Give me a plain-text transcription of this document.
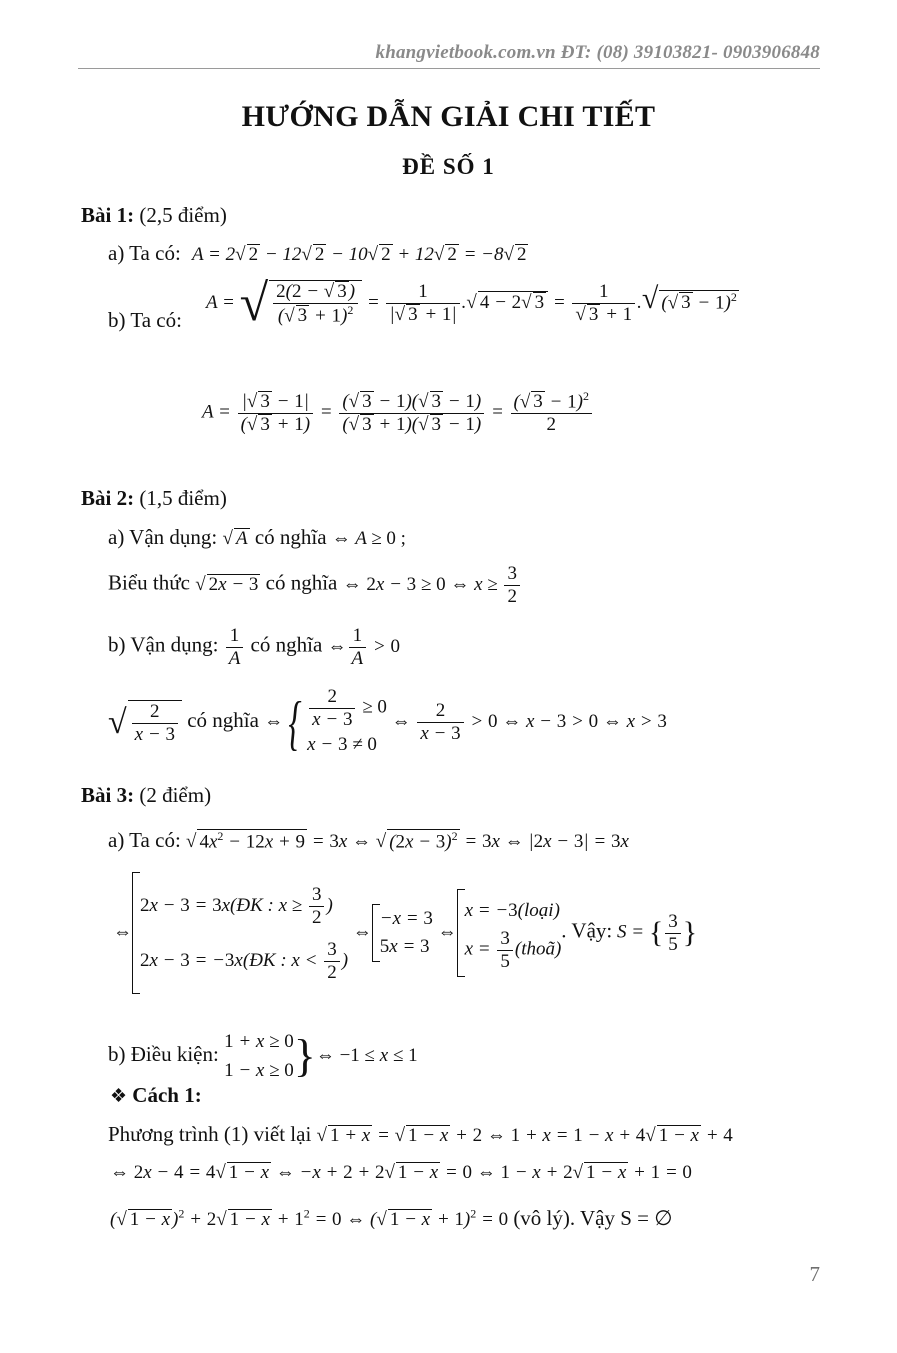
khangvietbook.com.vn ĐT: (08) 39103821- 0903906848
HƯỚNG DẪN GIẢI CHI TIẾT
ĐỀ SỐ 1
Bài 1: (2,5 điểm)
a) Ta có: A = 2√ 2 − 12√ 2 − 10√ 2 + 12√ 2 = −8√ 2
b) Ta có:
A = √ $\frac{2(2 - √ 3 )}{(√ 3 + 1)^2} = \frac{1}{|√ 3 + 1|}$ .√ 4 − 2√ $3 = \frac{1}{√ 3 + 1}$ .√ (√ 3 − 1)$^2$
$A = \frac{|√ 3 - 1|}{(√ 3 + 1)} = \frac{(√ 3 - 1)(√ 3 - 1)}{(√ 3 + 1)(√ 3 - 1)} = \frac{(√ 3 - 1)^2}{2}$
Bài 2: (1,5 điểm)
a) Vận dụng: √ A có nghĩa ⇔ A ≥ 0 ;
Biểu thức √ 2x − 3 có nghĩa ⇔ 2x − 3 ≥ 0 ⇔ $x \ge \frac{3}{2}$
b) Vận dụng: $\frac{1}{A}$ có nghĩa ⇔ $\frac{1}{A} > 0$
√ $\frac{2}{x - 3}$ có nghĩa ⇔{ $\frac{2}{x - 3} \ge 0$
x − 3 ≠ 0
⇔ $\frac{2}{x - 3} > 0$ ⇔ x − 3 > 0 ⇔ x > 3
Bài 3: (2 điểm)
a) Ta có: √ $4x^2 - 12x + 9 = 3x$ ⇔ √ $(2x - 3)^2 = 3x$ ⇔ |2x − 3| = 3x
⇔
2x − 3 = 3x(ĐK : $x \ge \frac{3}{2}$ )
2x − 3 = −3x(ĐK : $x < \frac{3}{2}$ )
⇔
−x = 3
5x = 3
⇔
x = −3(loại)
$x = \frac{3}{5}$ (thoã)
. Vậy: S = { $\frac{3}{5}$ }
b) Điều kiện:
1 + x ≥ 0
1 − x ≥ 0 }⇔ −1 ≤ x ≤ 1
❖ Cách 1:
Phương trình (1) viết lại √ 1 + x = √ 1 − x + 2 ⇔ 1 + x = 1 − x + 4√ 1 − x + 4
⇔ 2x − 4 = 4√ 1 − x ⇔ −x + 2 + 2√ 1 − x = 0 ⇔ 1 − x + 2√ 1 − x + 1 = 0
(√ 1 − x )$^2$ + 2√ $1 - x + 1^2 = 0$ ⇔ (√ 1 − x + 1)$^2$ = 0 (vô lý). Vậy S = ∅
7
